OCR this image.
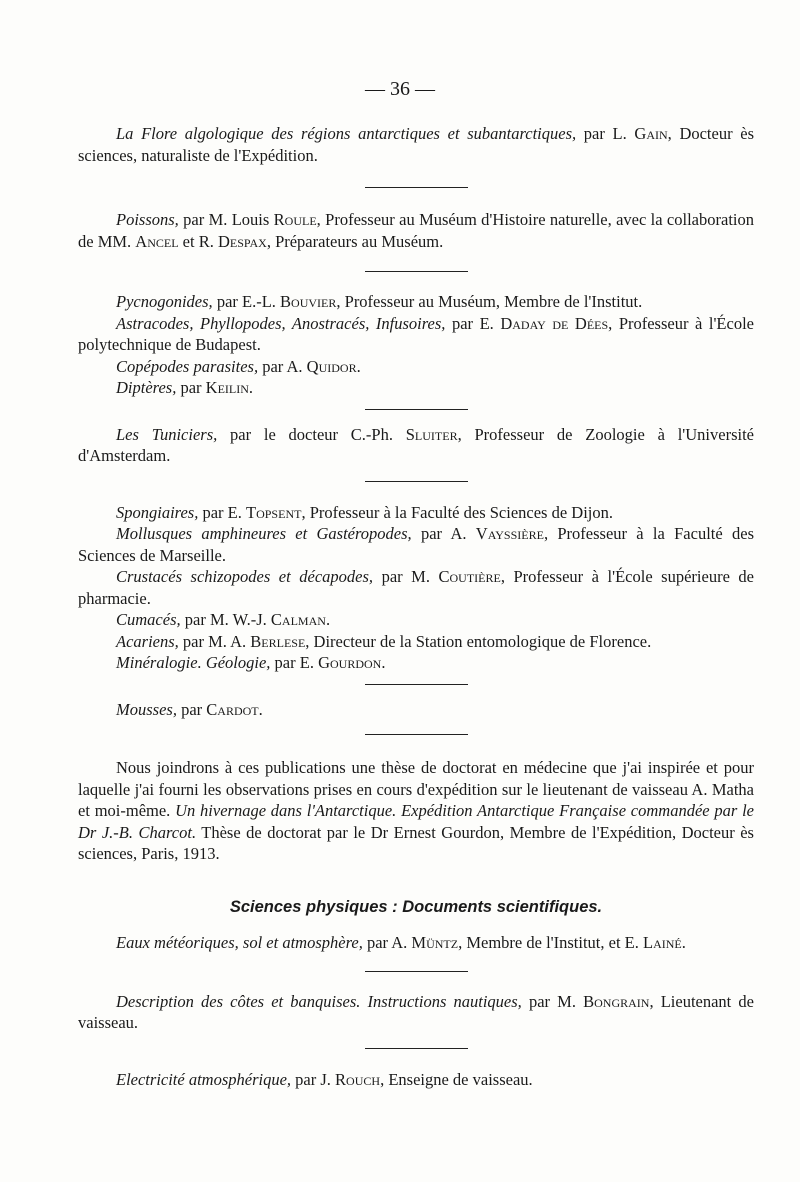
— 36 —

La Flore algologique des régions antarctiques et subantarctiques, par L. Gain, Docteur ès sciences, naturaliste de l'Expédition.

Poissons, par M. Louis Roule, Professeur au Muséum d'Histoire naturelle, avec la collaboration de MM. Ancel et R. Despax, Préparateurs au Muséum.

Pycnogonides, par E.-L. Bouvier, Professeur au Muséum, Membre de l'Institut.

Astracodes, Phyllopodes, Anostracés, Infusoires, par E. Daday de Dées, Professeur à l'École polytechnique de Budapest.

Copépodes parasites, par A. Quidor.

Diptères, par Keilin.

Les Tuniciers, par le docteur C.-Ph. Sluiter, Professeur de Zoologie à l'Université d'Amsterdam.

Spongiaires, par E. Topsent, Professeur à la Faculté des Sciences de Dijon.

Mollusques amphineures et Gastéropodes, par A. Vayssière, Professeur à la Faculté des Sciences de Marseille.

Crustacés schizopodes et décapodes, par M. Coutière, Professeur à l'École supérieure de pharmacie.

Cumacés, par M. W.-J. Calman.

Acariens, par M. A. Berlese, Directeur de la Station entomologique de Florence.

Minéralogie. Géologie, par E. Gourdon.

Mousses, par Cardot.

Nous joindrons à ces publications une thèse de doctorat en médecine que j'ai inspirée et pour laquelle j'ai fourni les observations prises en cours d'expédition sur le lieutenant de vaisseau A. Matha et moi-même. Un hivernage dans l'Antarctique. Expédition Antarctique Française commandée par le Dr J.-B. Charcot. Thèse de doctorat par le Dr Ernest Gourdon, Membre de l'Expédition, Docteur ès sciences, Paris, 1913.

Sciences physiques : Documents scientifiques.

Eaux météoriques, sol et atmosphère, par A. Müntz, Membre de l'Institut, et E. Lainé.

Description des côtes et banquises. Instructions nautiques, par M. Bongrain, Lieutenant de vaisseau.

Electricité atmosphérique, par J. Rouch, Enseigne de vaisseau.
